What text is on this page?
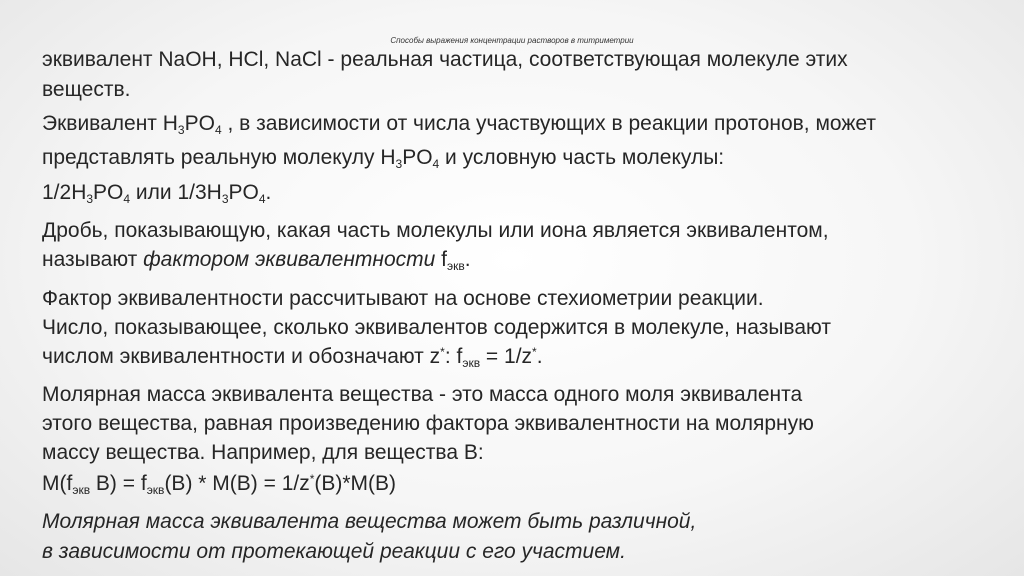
Способы выражения концентрации растворов в титриметрии
эквивалент NaOH, HCl, NaCl - реальная частица, соответствующая молекуле этих
веществ.
Эквивалент $H_3PO_4$ , в зависимости от числа участвующих в реакции протонов, может
представлять реальную молекулу $H_3PO_4$ и условную часть молекулы:
$1/2H_3PO_4$ или $1/3H_3PO_4$.
Дробь, показывающую, какая часть молекулы или иона является эквивалентом,
называют фактором эквивалентности $f_{экв}$.
Фактор эквивалентности рассчитывают на основе стехиометрии реакции.
Число, показывающее, сколько эквивалентов содержится в молекуле, называют
числом эквивалентности и обозначают z*: $f_{экв} = 1/z^*$.
Молярная масса эквивалента вещества - это масса одного моля эквивалента
этого вещества, равная произведению фактора эквивалентности на молярную
массу вещества. Например, для вещества В:
$M(f_{экв}$ $B) = f_{экв}(B) * M(B) = 1/z^*(B)*M(B)$
Молярная масса эквивалента вещества может быть различной,
в зависимости от протекающей реакции с его участием.
